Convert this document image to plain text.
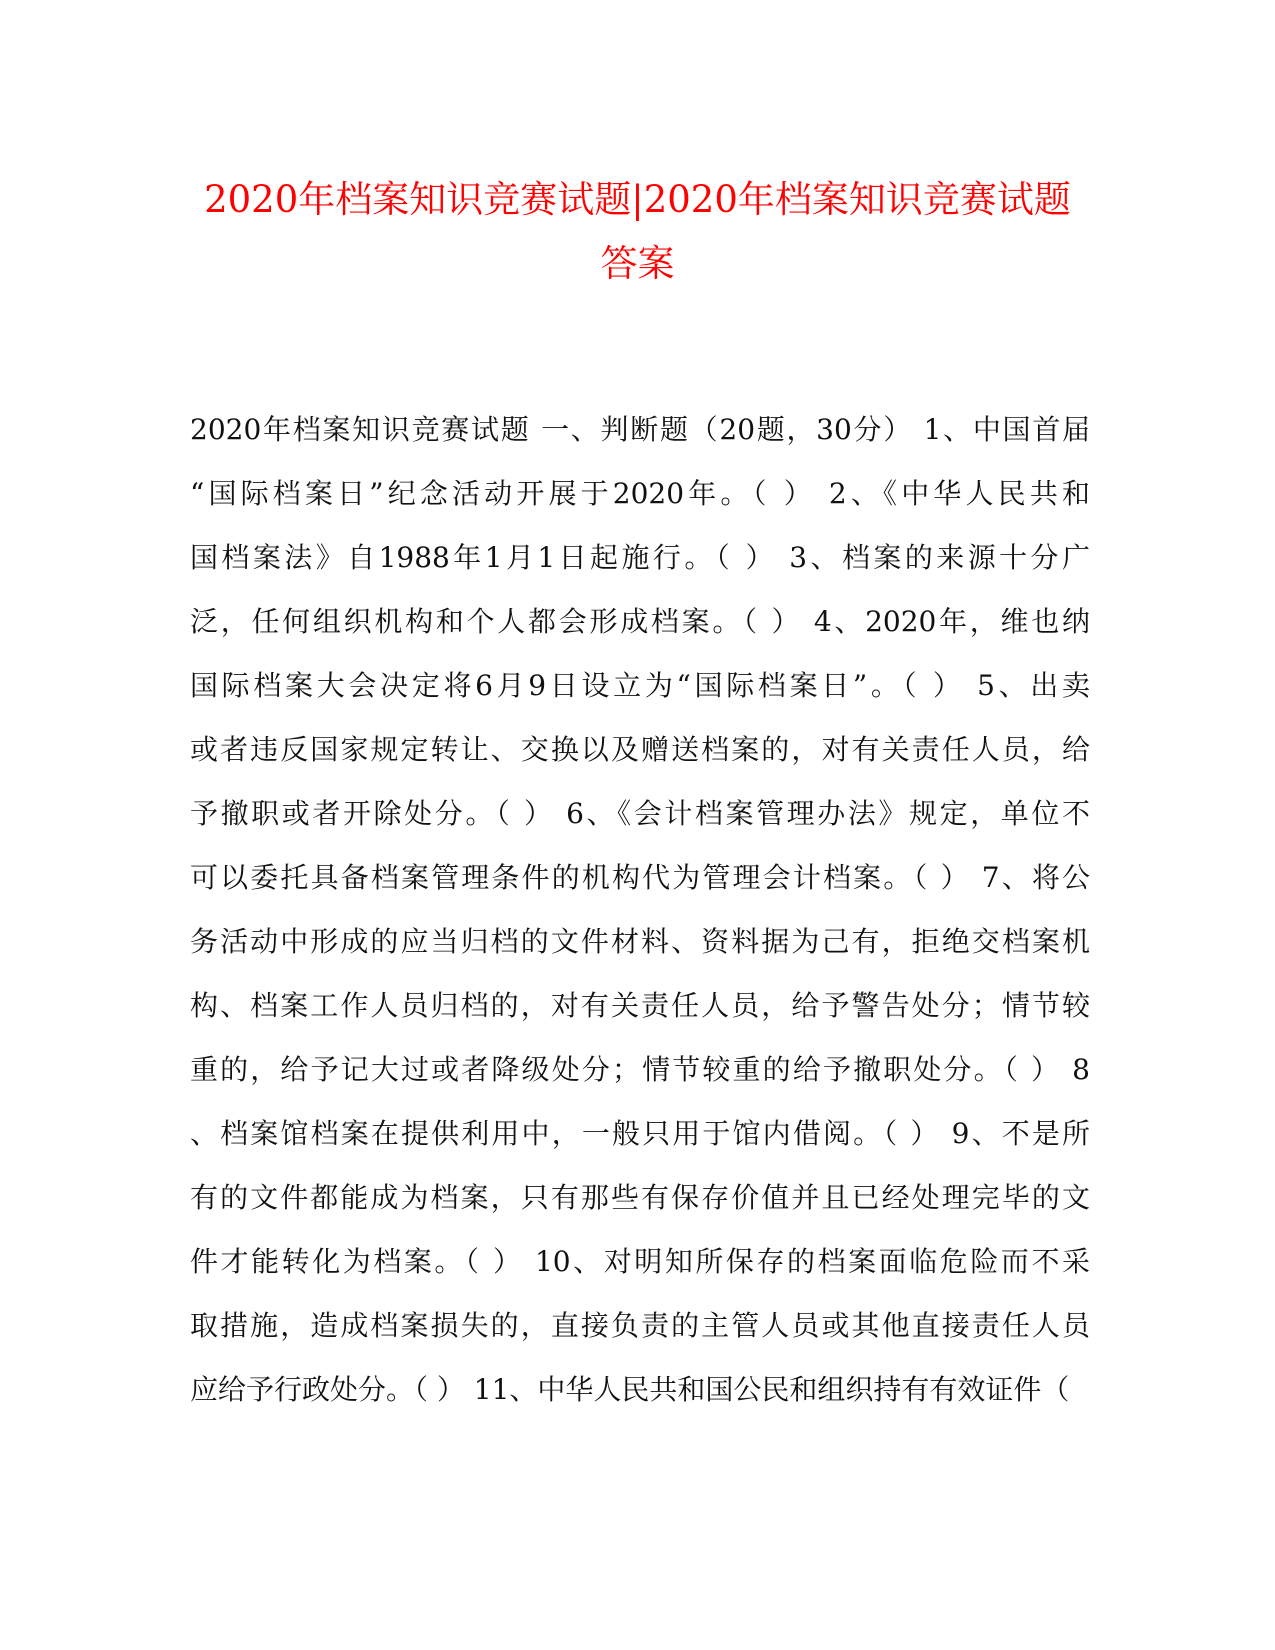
2020年档案知识竞赛试题|2020年档案知识竞赛试题
答案
2020年档案知识竞赛试题 一、判断题（20题，30分） 1、中国首届
“国际档案日”纪念活动开展于2020年。（ ） 2、《中华人民共和
国档案法》自1988年1月1日起施行。（ ） 3、档案的来源十分广
泛，任何组织机构和个人都会形成档案。（ ） 4、2020年，维也纳
国际档案大会决定将6月9日设立为“国际档案日”。（ ） 5、出卖
或者违反国家规定转让、交换以及赠送档案的，对有关责任人员，给
予撤职或者开除处分。（ ） 6、《会计档案管理办法》规定，单位不
可以委托具备档案管理条件的机构代为管理会计档案。（ ） 7、将公
务活动中形成的应当归档的文件材料、资料据为己有，拒绝交档案机
构、档案工作人员归档的，对有关责任人员，给予警告处分；情节较
重的，给予记大过或者降级处分；情节较重的给予撤职处分。（ ） 8
、档案馆档案在提供利用中，一般只用于馆内借阅。（ ） 9、不是所
有的文件都能成为档案，只有那些有保存价值并且已经处理完毕的文
件才能转化为档案。（ ） 10、对明知所保存的档案面临危险而不采
取措施，造成档案损失的，直接负责的主管人员或其他直接责任人员
应给予行政处分。（ ） 11、中华人民共和国公民和组织持有有效证件（
